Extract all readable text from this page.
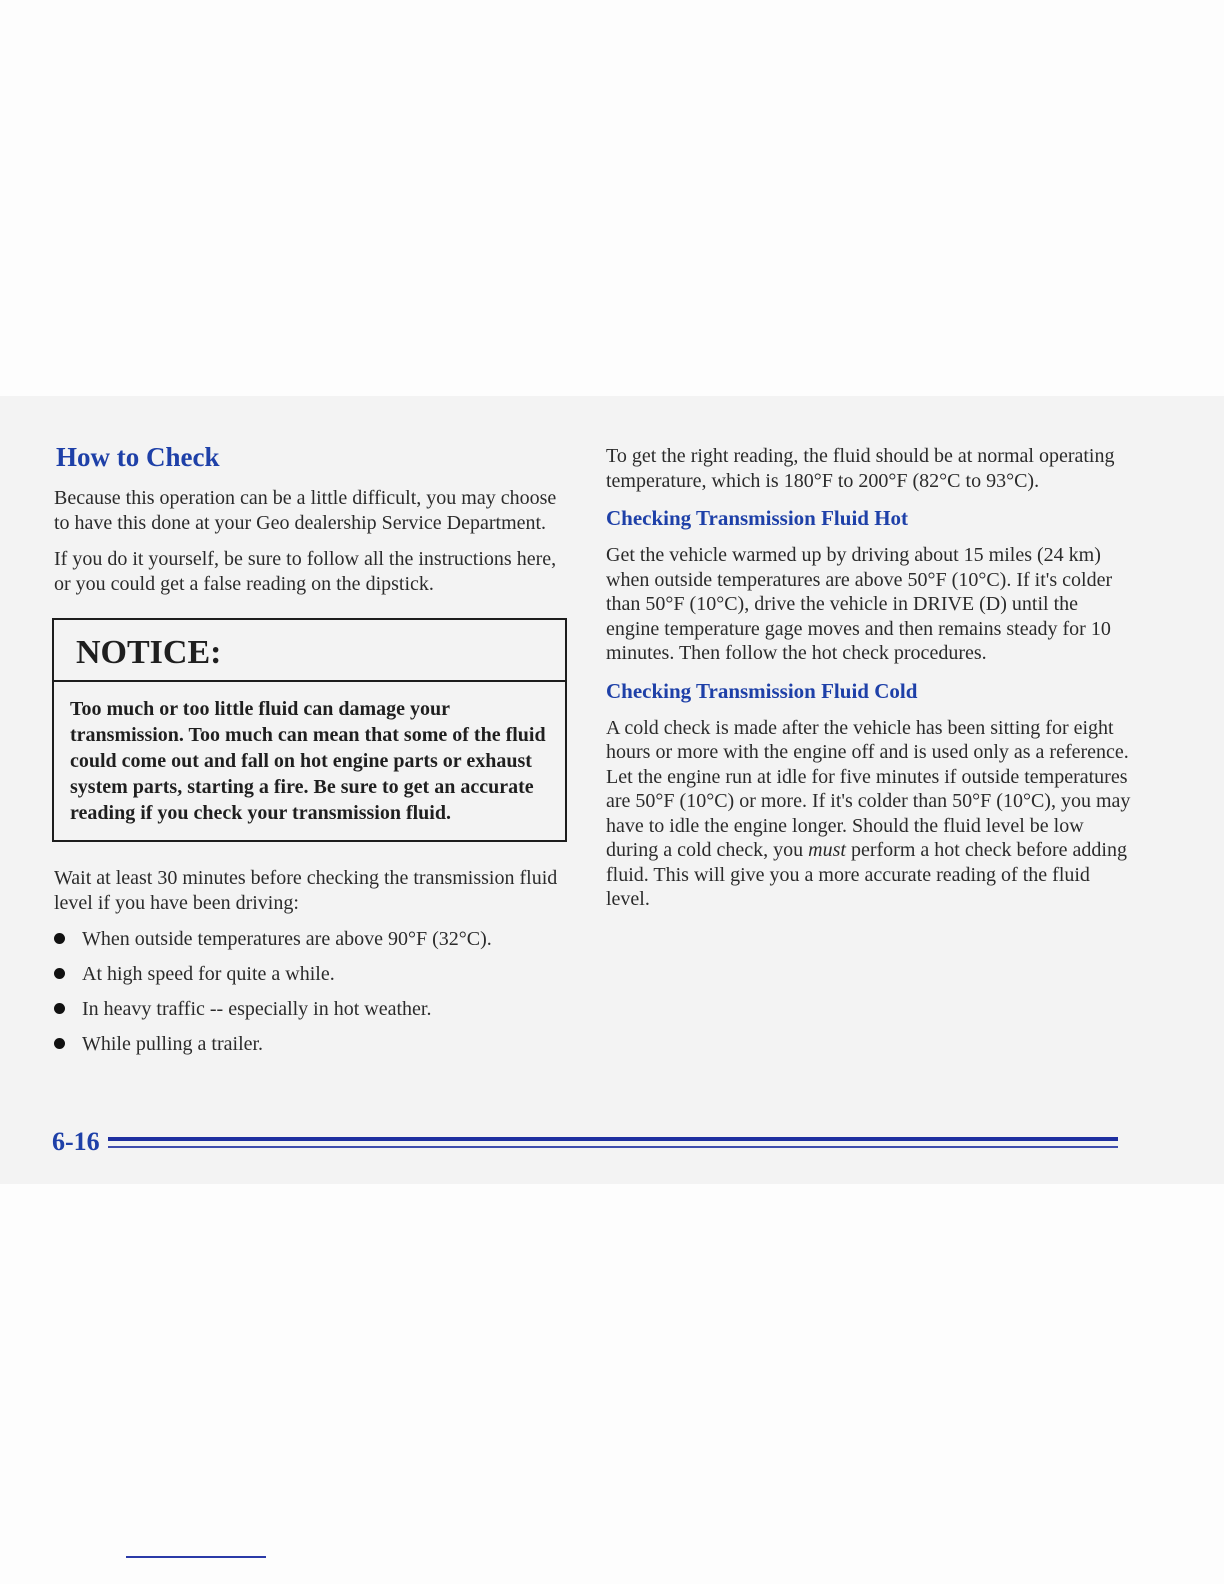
How to Check

Because this operation can be a little difficult, you may choose to have this done at your Geo dealership Service Department.

If you do it yourself, be sure to follow all the instructions here, or you could get a false reading on the dipstick.

NOTICE:

Too much or too little fluid can damage your transmission. Too much can mean that some of the fluid could come out and fall on hot engine parts or exhaust system parts, starting a fire. Be sure to get an accurate reading if you check your transmission fluid.

Wait at least 30 minutes before checking the transmission fluid level if you have been driving:

When outside temperatures are above 90°F (32°C).
At high speed for quite a while.
In heavy traffic -- especially in hot weather.
While pulling a trailer.

To get the right reading, the fluid should be at normal operating temperature, which is 180°F to 200°F (82°C to 93°C).

Checking Transmission Fluid Hot

Get the vehicle warmed up by driving about 15 miles (24 km) when outside temperatures are above 50°F (10°C). If it's colder than 50°F (10°C), drive the vehicle in DRIVE (D) until the engine temperature gage moves and then remains steady for 10 minutes. Then follow the hot check procedures.

Checking Transmission Fluid Cold

A cold check is made after the vehicle has been sitting for eight hours or more with the engine off and is used only as a reference. Let the engine run at idle for five minutes if outside temperatures are 50°F (10°C) or more. If it's colder than 50°F (10°C), you may have to idle the engine longer. Should the fluid level be low during a cold check, you must perform a hot check before adding fluid. This will give you a more accurate reading of the fluid level.

6-16
